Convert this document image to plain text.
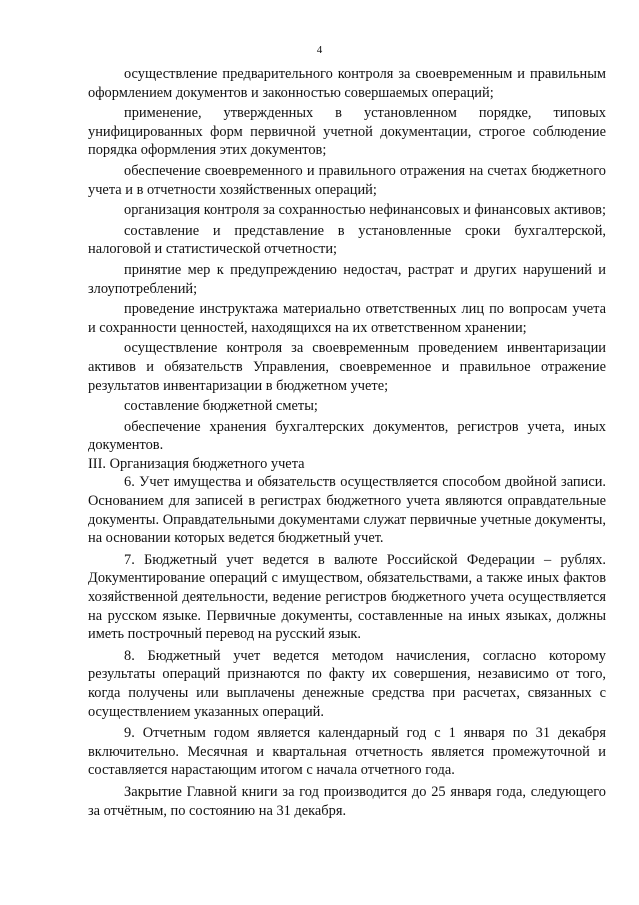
4

осуществление предварительного контроля за своевременным и правильным оформлением документов и законностью совершаемых операций;

применение, утвержденных в установленном порядке, типовых унифицированных форм первичной учетной документации, строгое соблюдение порядка оформления этих документов;

обеспечение своевременного и правильного отражения на счетах бюджетного учета и в отчетности хозяйственных операций;

организация контроля за сохранностью нефинансовых и финансовых активов;

составление и представление в установленные сроки бухгалтерской, налоговой и статистической отчетности;

принятие мер к предупреждению недостач, растрат и других нарушений и злоупотреблений;

проведение инструктажа материально ответственных лиц по вопросам учета и сохранности ценностей, находящихся на их ответственном хранении;

осуществление контроля за своевременным проведением инвентаризации активов и обязательств Управления, своевременное и правильное отражение результатов инвентаризации в бюджетном учете;

составление бюджетной сметы;

обеспечение хранения бухгалтерских документов, регистров учета, иных документов.

III. Организация бюджетного учета

6. Учет имущества и обязательств осуществляется способом двойной записи. Основанием для записей в регистрах бюджетного учета являются оправдательные документы. Оправдательными документами служат первичные учетные документы, на основании которых ведется бюджетный учет.

7. Бюджетный учет ведется в валюте Российской Федерации – рублях. Документирование операций с имуществом, обязательствами, а также иных фактов хозяйственной деятельности, ведение регистров бюджетного учета осуществляется на русском языке. Первичные документы, составленные на иных языках, должны иметь построчный перевод на русский язык.

8. Бюджетный учет ведется методом начисления, согласно которому результаты операций признаются по факту их совершения, независимо от того, когда получены или выплачены денежные средства при расчетах, связанных с осуществлением указанных операций.

9. Отчетным годом является календарный год с 1 января по 31 декабря включительно. Месячная и квартальная отчетность является промежуточной и составляется нарастающим итогом с начала отчетного года.

Закрытие Главной книги за год производится до 25 января года, следующего за отчётным, по состоянию на 31 декабря.
